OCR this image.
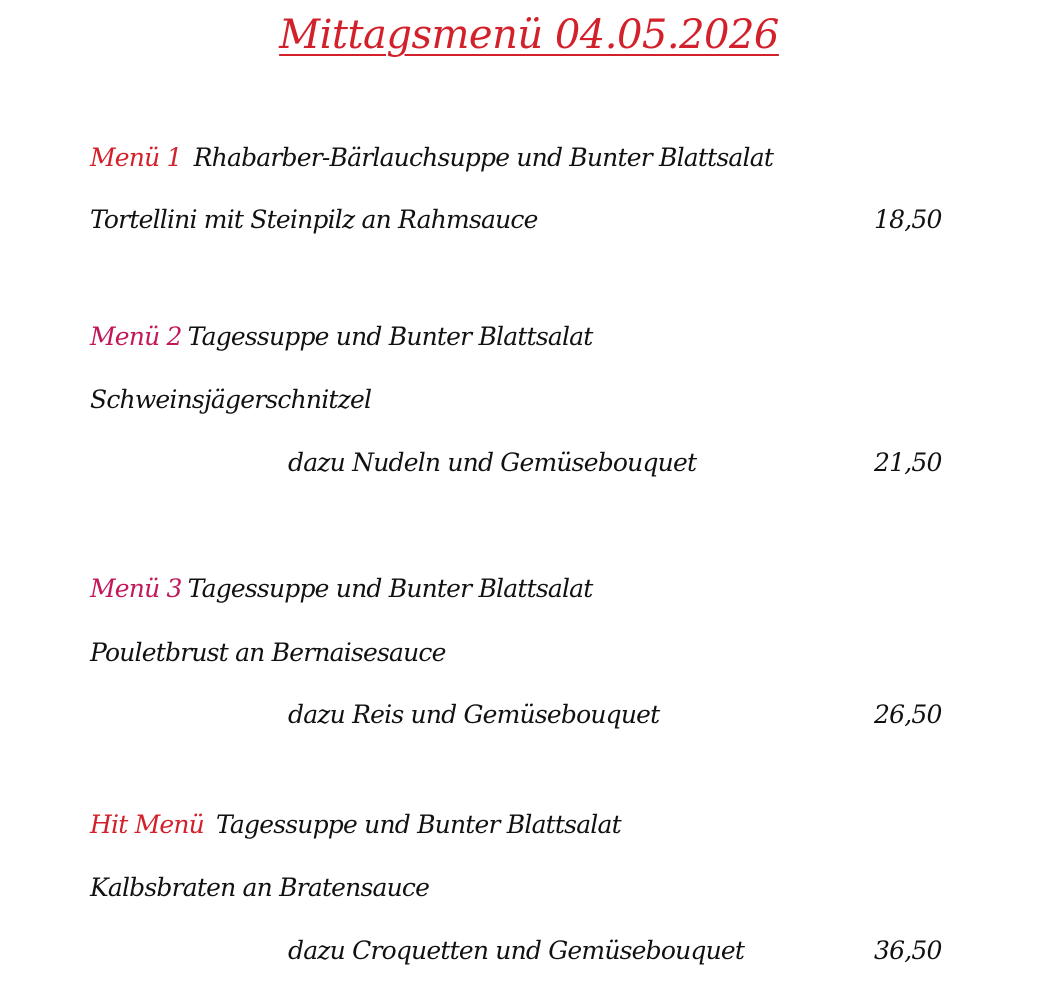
Mittagsmenü 04.05.2026
Menü 1 Rhabarber-Bärlauchsuppe und Bunter Blattsalat
Tortellini mit Steinpilz an Rahmsauce	18,50
Menü 2 Tagessuppe und Bunter Blattsalat
Schweinsjägerschnitzel
dazu Nudeln und Gemüsebouquet	21,50
Menü 3 Tagessuppe und Bunter Blattsalat
Pouletbrust an Bernaisesauce
dazu Reis und Gemüsebouquet	26,50
Hit Menü Tagessuppe und Bunter Blattsalat
Kalbsbraten an Bratensauce
dazu Croquetten und Gemüsebouquet	36,50
